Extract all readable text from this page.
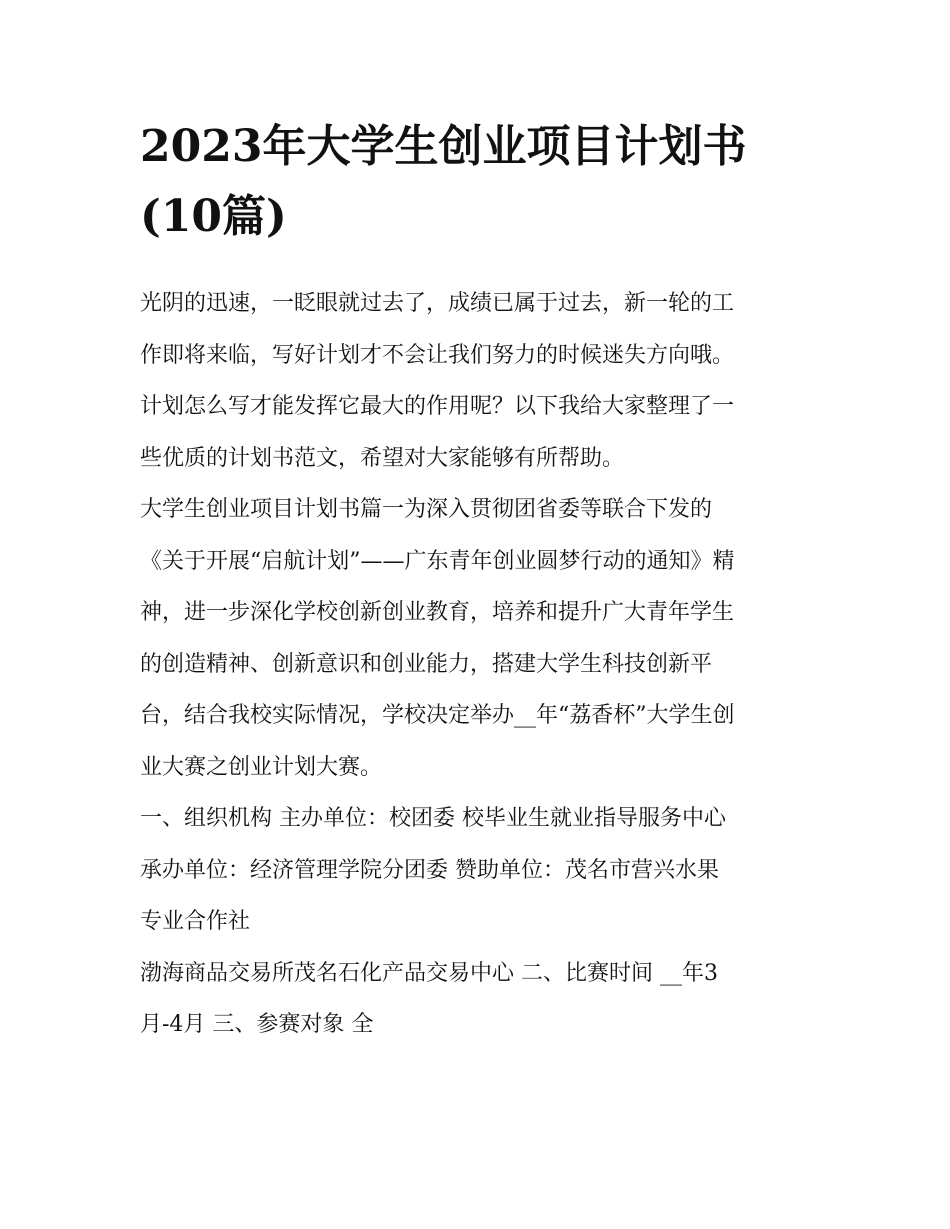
2023年大学生创业项目计划书
(10篇)
光阴的迅速，一眨眼就过去了，成绩已属于过去，新一轮的工
作即将来临，写好计划才不会让我们努力的时候迷失方向哦。
计划怎么写才能发挥它最大的作用呢？以下我给大家整理了一
些优质的计划书范文，希望对大家能够有所帮助。
大学生创业项目计划书篇一为深入贯彻团省委等联合下发的
《关于开展“启航计划”——广东青年创业圆梦行动的通知》精
神，进一步深化学校创新创业教育，培养和提升广大青年学生
的创造精神、创新意识和创业能力，搭建大学生科技创新平
台，结合我校实际情况，学校决定举办__年“荔香杯”大学生创
业大赛之创业计划大赛。
一、组织机构 主办单位：校团委 校毕业生就业指导服务中心
承办单位：经济管理学院分团委 赞助单位：茂名市营兴水果
专业合作社
渤海商品交易所茂名石化产品交易中心 二、比赛时间 __年3
月-4月 三、参赛对象 全
